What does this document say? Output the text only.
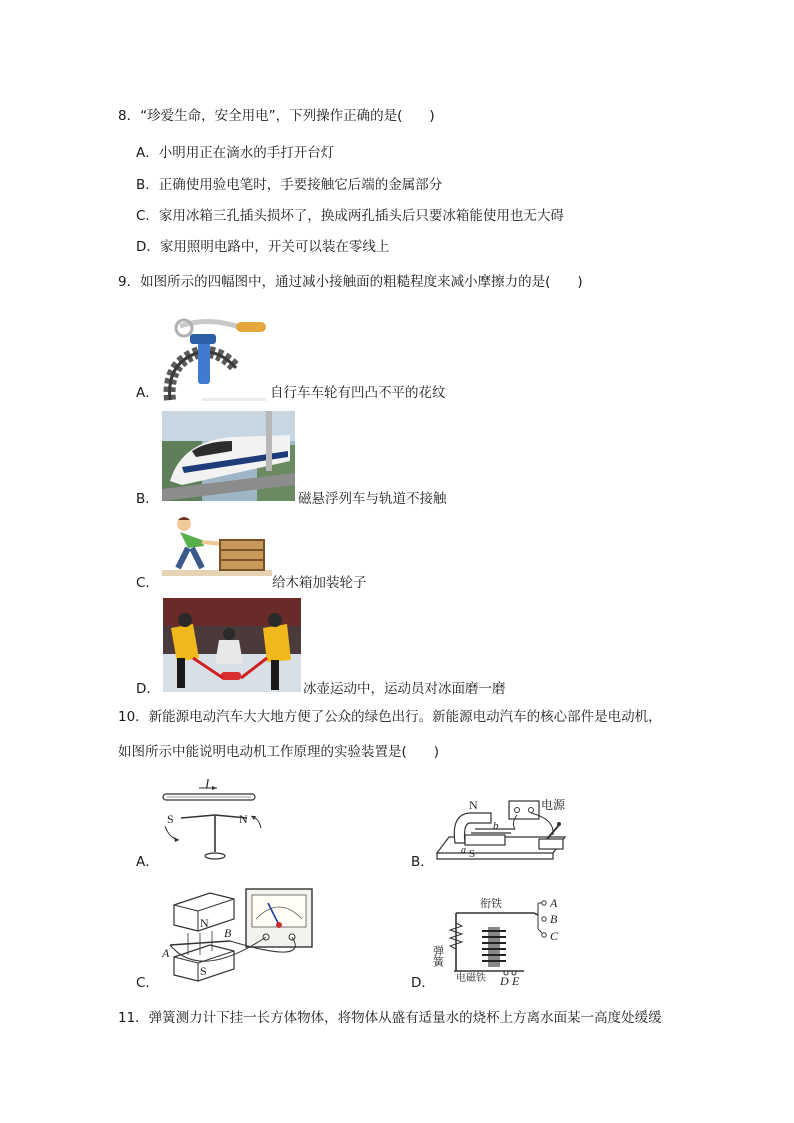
8．“珍爱生命，安全用电”，下列操作正确的是(　　)
A．小明用正在滴水的手打开台灯
B．正确使用验电笔时，手要接触它后端的金属部分
C．家用冰箱三孔插头损坏了，换成两孔插头后只要冰箱能使用也无大碍
D．家用照明电路中，开关可以装在零线上
9．如图所示的四幅图中，通过减小接触面的粗糙程度来减小摩擦力的是(　　)
A．	自行车车轮有凹凸不平的花纹
B．	磁悬浮列车与轨道不接触
C．	给木箱加装轮子
D．	冰壶运动中，运动员对冰面磨一磨
10．新能源电动汽车大大地方便了公众的绿色出行。新能源电动汽车的核心部件是电动机，
如图所示中能说明电动机工作原理的实验装置是(　　)
I
S	N
A．
N
S
b
a
电源
B．
N
S
A
B
C．
衔铁
弹簧
电磁铁
A
B
C
D E
D．
11．弹簧测力计下挂一长方体物体，将物体从盛有适量水的烧杯上方离水面某一高度处缓缓
